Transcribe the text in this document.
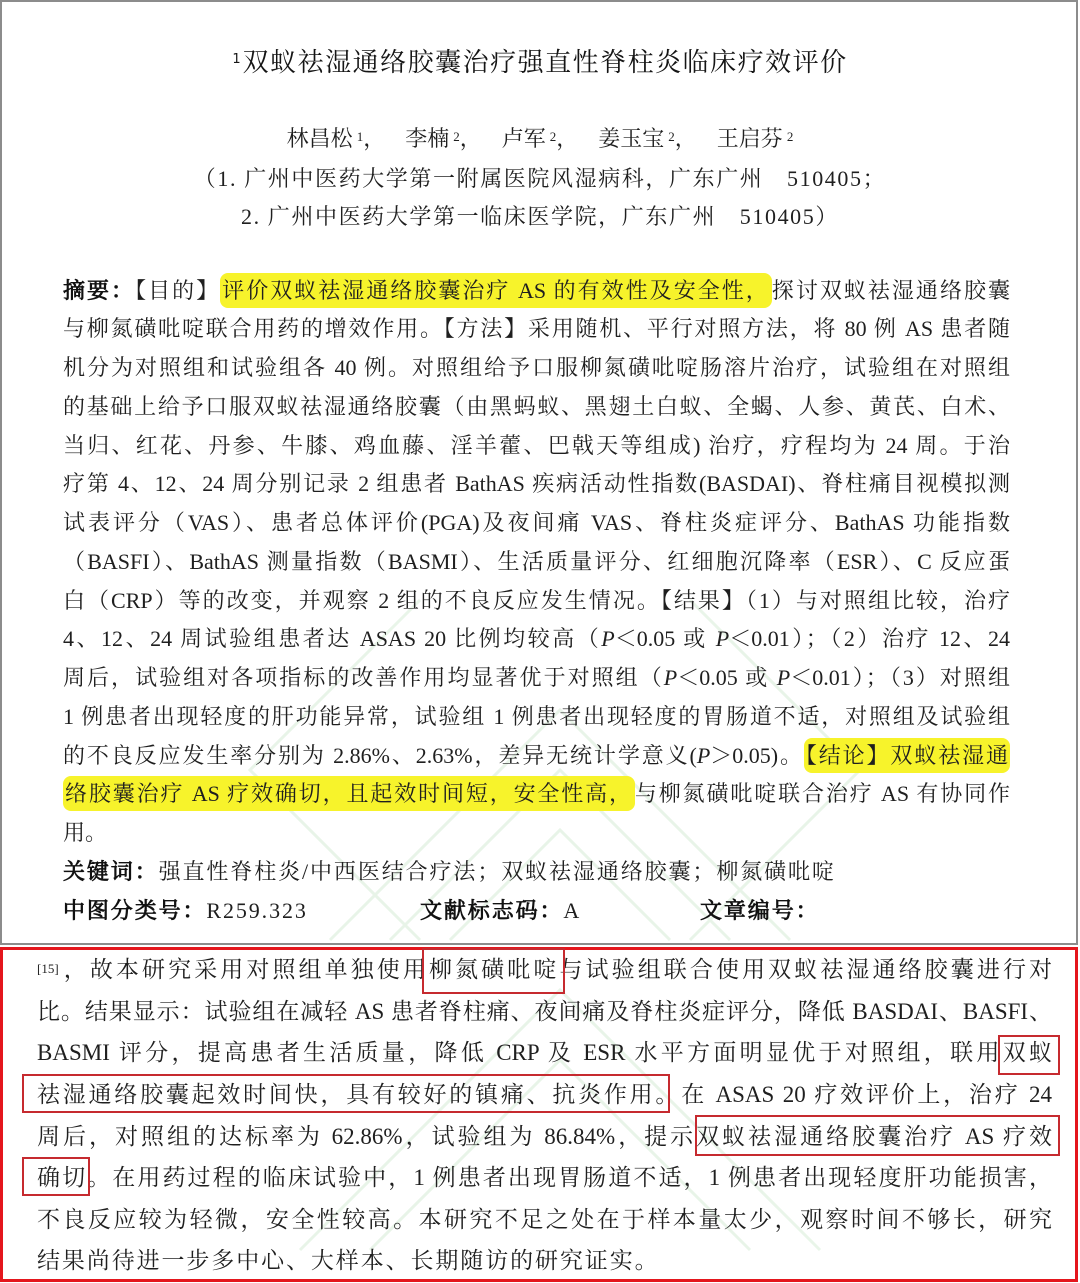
$^1$双蚁祛湿通络胶囊治疗强直性脊柱炎临床疗效评价
林昌松 $^1$， 李楠 $^2$， 卢军 $^2$， 姜玉宝 $^2$， 王启芬 $^2$
（1. 广州中医药大学第一附属医院风湿病科，广东广州　510405；
2. 广州中医药大学第一临床医学院，广东广州　510405）
摘要：【目的】评价双蚁祛湿通络胶囊治疗 AS 的有效性及安全性，探讨双蚁祛湿通络胶囊
与柳氮磺吡啶联合用药的增效作用。【方法】采用随机、平行对照方法，将 80 例 AS 患者随
机分为对照组和试验组各 40 例。对照组给予口服柳氮磺吡啶肠溶片治疗，试验组在对照组
的基础上给予口服双蚁祛湿通络胶囊（由黑蚂蚁、黑翅土白蚁、全蝎、人参、黄芪、白术、
当归、红花、丹参、牛膝、鸡血藤、淫羊藿、巴戟天等组成) 治疗，疗程均为 24 周。于治
疗第 4、12、24 周分别记录 2 组患者 BathAS 疾病活动性指数(BASDAI)、脊柱痛目视模拟测
试表评分（VAS）、患者总体评价(PGA)及夜间痛 VAS、脊柱炎症评分、BathAS 功能指数
（BASFI）、BathAS 测量指数（BASMI）、生活质量评分、红细胞沉降率（ESR）、C 反应蛋
白（CRP）等的改变，并观察 2 组的不良反应发生情况。【结果】（1）与对照组比较，治疗
4、12、24 周试验组患者达 ASAS 20 比例均较高（P＜0.05 或 P＜0.01）；（2）治疗 12、24
周后，试验组对各项指标的改善作用均显著优于对照组（P＜0.05 或 P＜0.01）；（3）对照组
1 例患者出现轻度的肝功能异常，试验组 1 例患者出现轻度的胃肠道不适，对照组及试验组
的不良反应发生率分别为 2.86%、2.63%，差异无统计学意义(P＞0.05)。【结论】双蚁祛湿通
络胶囊治疗 AS 疗效确切，且起效时间短，安全性高，与柳氮磺吡啶联合治疗 AS 有协同作
用。
关键词：强直性脊柱炎/中西医结合疗法；双蚁祛湿通络胶囊；柳氮磺吡啶
中图分类号：R259.323	文献标志码：A	文章编号：
[15]，故本研究采用对照组单独使用柳氮磺吡啶与试验组联合使用双蚁祛湿通络胶囊进行对
比。结果显示：试验组在减轻 AS 患者脊柱痛、夜间痛及脊柱炎症评分，降低 BASDAI、BASFI、
BASMI 评分，提高患者生活质量，降低 CRP 及 ESR 水平方面明显优于对照组，联用双蚁
祛湿通络胶囊起效时间快，具有较好的镇痛、抗炎作用。在 ASAS 20 疗效评价上，治疗 24
周后，对照组的达标率为 62.86%，试验组为 86.84%，提示双蚁祛湿通络胶囊治疗 AS 疗效
确切。在用药过程的临床试验中，1 例患者出现胃肠道不适，1 例患者出现轻度肝功能损害，
不良反应较为轻微，安全性较高。本研究不足之处在于样本量太少，观察时间不够长，研究
结果尚待进一步多中心、大样本、长期随访的研究证实。
